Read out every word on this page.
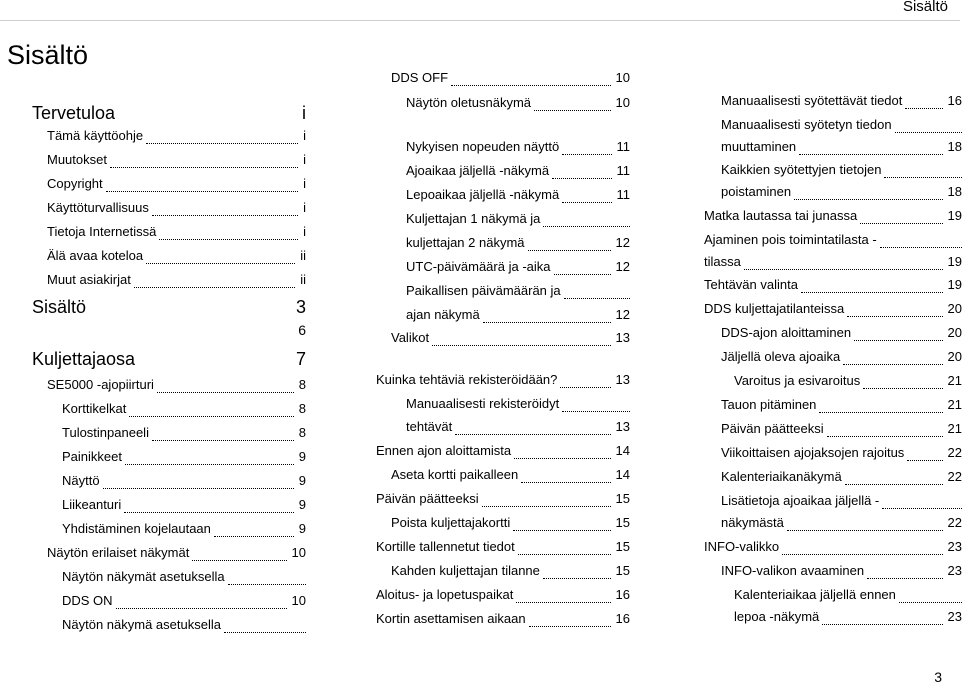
Sisältö
Sisältö
Tervetuloa	i
Tämä käyttöohje	i
Muutokset	i
Copyright	i
Käyttöturvallisuus	i
Tietoja Internetissä	i
Älä avaa koteloa	ii
Muut asiakirjat	ii
Sisältö	3
6
Kuljettajaosa	7
SE5000 -ajopiirturi	8
Korttikelkat	8
Tulostinpaneeli	8
Painikkeet	9
Näyttö	9
Liikeanturi	9
Yhdistäminen kojelautaan	9
Näytön erilaiset näkymät	10
Näytön näkymät asetuksella
DDS ON	10
Näytön näkymä asetuksella
DDS OFF	10
Näytön oletusnäkymä	10
Nykyisen nopeuden näyttö	11
Ajoaikaa jäljellä -näkymä	11
Lepoaikaa jäljellä -näkymä	11
Kuljettajan 1 näkymä ja
kuljettajan 2 näkymä	12
UTC-päivämäärä ja -aika	12
Paikallisen päivämäärän ja
ajan näkymä	12
Valikot	13
Kuinka tehtäviä rekisteröidään?	13
Manuaalisesti rekisteröidyt
tehtävät	13
Ennen ajon aloittamista	14
Aseta kortti paikalleen	14
Päivän päätteeksi	15
Poista kuljettajakortti	15
Kortille tallennetut tiedot	15
Kahden kuljettajan tilanne	15
Aloitus- ja lopetuspaikat	16
Kortin asettamisen aikaan	16
Manuaalisesti syötettävät tiedot	16
Manuaalisesti syötetyn tiedon
muuttaminen	18
Kaikkien syötettyjen tietojen
poistaminen	18
Matka lautassa tai junassa	19
Ajaminen pois toimintatilasta -
tilassa	19
Tehtävän valinta	19
DDS kuljettajatilanteissa	20
DDS-ajon aloittaminen	20
Jäljellä oleva ajoaika	20
Varoitus ja esivaroitus	21
Tauon pitäminen	21
Päivän päätteeksi	21
Viikoittaisen ajojaksojen rajoitus	22
Kalenteriaikanäkymä	22
Lisätietoja ajoaikaa jäljellä -
näkymästä	22
INFO-valikko	23
INFO-valikon avaaminen	23
Kalenteriaikaa jäljellä ennen
lepoa -näkymä	23
3
